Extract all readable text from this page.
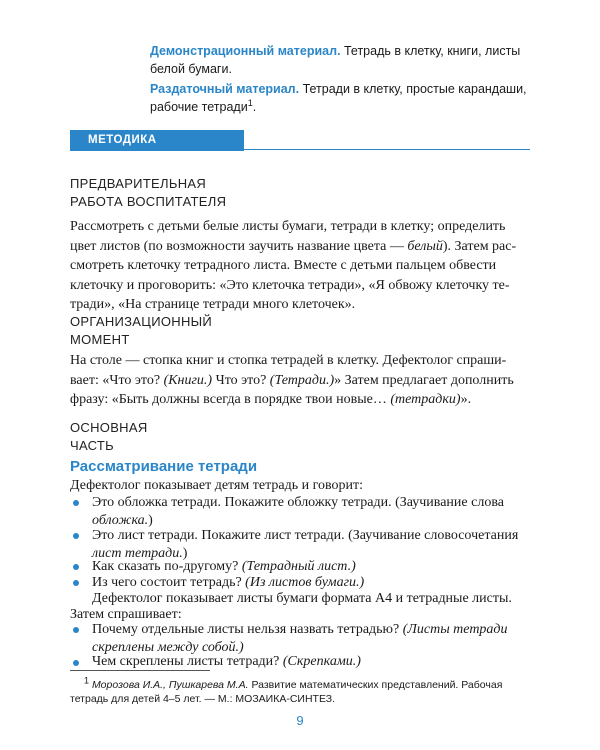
Демонстрационный материал. Тетрадь в клетку, книги, листы
белой бумаги.
Раздаточный материал. Тетради в клетку, простые карандаши,
рабочие тетради$^1$.
МЕТОДИКА ПРОВЕДЕНИЯ
ПРЕДВАРИТЕЛЬНАЯ
РАБОТА ВОСПИТАТЕЛЯ

Рассмотреть с детьми белые листы бумаги, тетради в клетку; определить

цвет листов (по возможности заучить название цвета — белый). Затем рас-

смотреть клеточку тетрадного листа. Вместе с детьми пальцем обвести

клеточку и проговорить: «Это клеточка тетради», «Я обвожу клеточку те-

тради», «На странице тетради много клеточек».

ОРГАНИЗАЦИОННЫЙ
МОМЕНТ

На столе — стопка книг и стопка тетрадей в клетку. Дефектолог спраши-

вает: «Что это? (Книги.) Что это? (Тетради.)» Затем предлагает дополнить

фразу: «Быть должны всегда в порядке твои новые… (тетрадки)».

ОСНОВНАЯ
ЧАСТЬ
Рассматривание тетради
Дефектолог показывает детям тетрадь и говорит:
Это обложка тетради. Покажите обложку тетради. (Заучивание слова
обложка.)
Это лист тетради. Покажите лист тетради. (Заучивание словосочетания
лист тетради.)
Как сказать по-другому? (Тетрадный лист.)
Из чего состоит тетрадь? (Из листов бумаги.)
Дефектолог показывает листы бумаги формата А4 и тетрадные листы.
Затем спрашивает:
Почему отдельные листы нельзя назвать тетрадью? (Листы тетради
скреплены между собой.)
Чем скреплены листы тетради? (Скрепками.)
1 Морозова И.А., Пушкарева М.А. Развитие математических представлений. Рабочая
тетрадь для детей 4–5 лет. — М.: МОЗАИКА-СИНТЕЗ.
9
